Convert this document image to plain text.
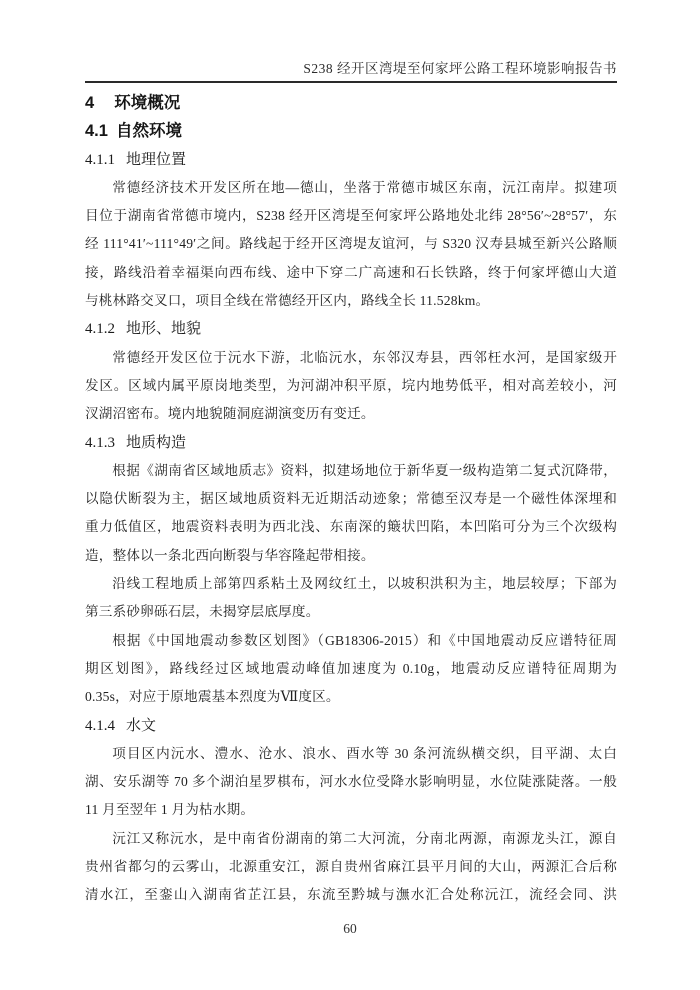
S238 经开区湾堤至何家坪公路工程环境影响报告书
4 环境概况
4.1 自然环境
4.1.1 地理位置

常德经济技术开发区所在地—德山，坐落于常德市城区东南，沅江南岸。拟建项
目位于湖南省常德市境内，S238 经开区湾堤至何家坪公路地处北纬 28°56′~28°57′，东
经 111°41′~111°49′之间。路线起于经开区湾堤友谊河，与 S320 汉寿县城至新兴公路顺
接，路线沿着幸福渠向西布线、途中下穿二广高速和石长铁路，终于何家坪德山大道
与桃林路交叉口，项目全线在常德经开区内，路线全长 11.528km。

4.1.2 地形、地貌

常德经开发区位于沅水下游，北临沅水，东邻汉寿县，西邻枉水河，是国家级开
发区。区域内属平原岗地类型，为河湖冲积平原，垸内地势低平，相对高差较小，河
汊湖沼密布。境内地貌随洞庭湖演变历有变迁。

4.1.3 地质构造

根据《湖南省区域地质志》资料，拟建场地位于新华夏一级构造第二复式沉降带，
以隐伏断裂为主，据区域地质资料无近期活动迹象；常德至汉寿是一个磁性体深埋和
重力低值区，地震资料表明为西北浅、东南深的簸状凹陷，本凹陷可分为三个次级构
造，整体以一条北西向断裂与华容隆起带相接。

沿线工程地质上部第四系粘土及网纹红土，以坡积洪积为主，地层较厚；下部为
第三系砂卵砾石层，未揭穿层底厚度。

根据《中国地震动参数区划图》（GB18306-2015）和《中国地震动反应谱特征周
期区划图》，路线经过区域地震动峰值加速度为 0.10g，地震动反应谱特征周期为
0.35s，对应于原地震基本烈度为Ⅶ度区。

4.1.4 水文

项目区内沅水、澧水、沧水、浪水、酉水等 30 条河流纵横交织，目平湖、太白
湖、安乐湖等 70 多个湖泊星罗棋布，河水水位受降水影响明显，水位陡涨陡落。一般
11 月至翌年 1 月为枯水期。

沅江又称沅水，是中南省份湖南的第二大河流，分南北两源，南源龙头江，源自
贵州省都匀的云雾山，北源重安江，源自贵州省麻江县平月间的大山，两源汇合后称
清水江，至銮山入湖南省芷江县，东流至黔城与潕水汇合处称沅江，流经会同、洪

60
